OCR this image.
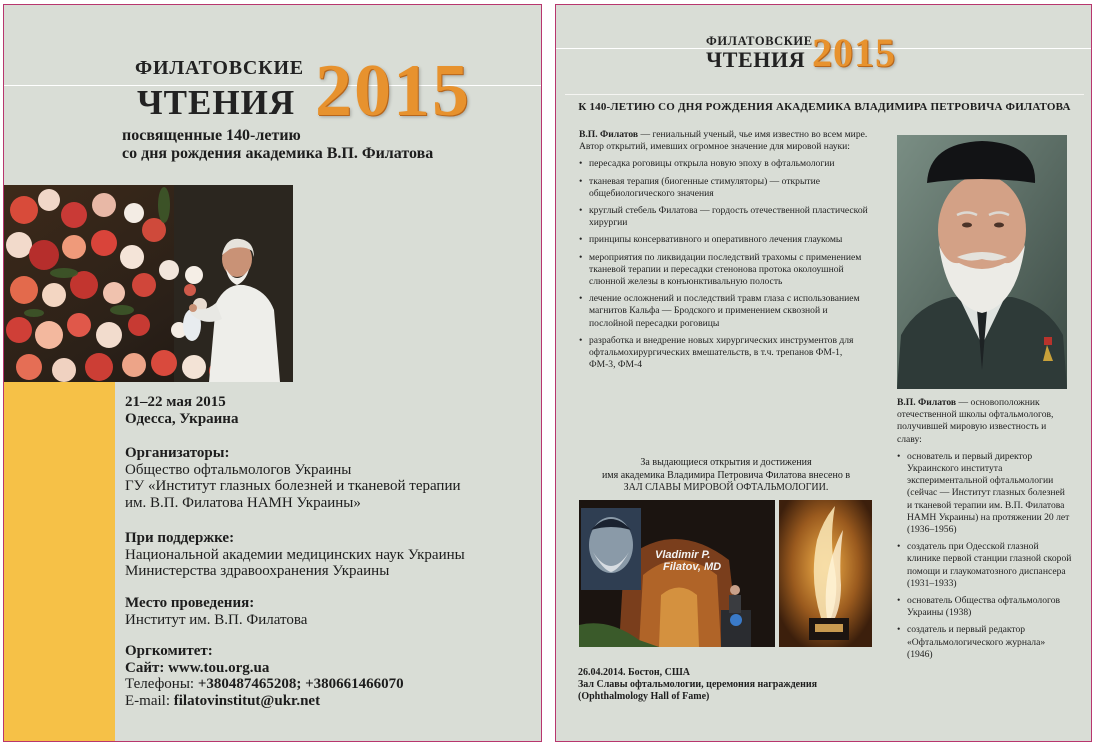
ФИЛАТОВСКИЕ
ЧТЕНИЯ 2015
посвященные 140-летию
со дня рождения академика В.П. Филатова
21–22 мая 2015
Одесса, Украина
Организаторы:
Общество офтальмологов Украины
ГУ «Институт глазных болезней и тканевой терапии
им. В.П. Филатова НАМН Украины»
При поддержке:
Национальной академии медицинских наук Украины
Министерства здравоохранения Украины
Место проведения:
Институт им. В.П. Филатова
Оргкомитет:
Сайт: www.tou.org.ua
Телефоны: +380487465208; +380661466070
E-mail: filatovinstitut@ukr.net
ФИЛАТОВСКИЕ
ЧТЕНИЯ 2015
К 140-ЛЕТИЮ СО ДНЯ РОЖДЕНИЯ АКАДЕМИКА ВЛАДИМИРА ПЕТРОВИЧА ФИЛАТОВА

В.П. Филатов — гениальный ученый, чье имя известно во всем мире.

Автор открытий, имевших огромное значение для мировой науки:

• пересадка роговицы открыла новую эпоху в офтальмологии
• тканевая терапия (биогенные стимуляторы) — открытие общебиологического значения
• круглый стебель Филатова — гордость отечественной пластической хирургии
• принципы консервативного и оперативного лечения глаукомы
• мероприятия по ликвидации последствий трахомы с применением тканевой терапии и пересадки стенонова протока околоушной слюнной железы в конъюнктивальную полость
• лечение осложнений и последствий травм глаза с использованием магнитов Кальфа — Бродского и применением сквозной и послойной пересадки роговицы
• разработка и внедрение новых хирургических инструментов для офтальмохирургических вмешательств, в т.ч. трепанов ФМ-1, ФМ-3, ФМ-4

В.П. Филатов — основоположник отечественной школы офтальмологов, получившей мировую известность и славу:

• основатель и первый директор Украинского института экспериментальной офтальмологии (сейчас — Институт глазных болезней и тканевой терапии им. В.П. Филатова НАМН Украины) на протяжении 20 лет (1936–1956)
• создатель при Одесской глазной клинике первой станции глазной скорой помощи и глаукоматозного диспансера (1931–1933)
• основатель Общества офтальмологов Украины (1938)
• создатель и первый редактор «Офтальмологического журнала» (1946)
За выдающиеся открытия и достижения
имя академика Владимира Петровича Филатова внесено в
ЗАЛ СЛАВЫ МИРОВОЙ ОФТАЛЬМОЛОГИИ.
Vladimir P.
Filatov, MD
26.04.2014. Бостон, США
Зал Славы офтальмологии, церемония награждения
(Ophthalmology Hall of Fame)
